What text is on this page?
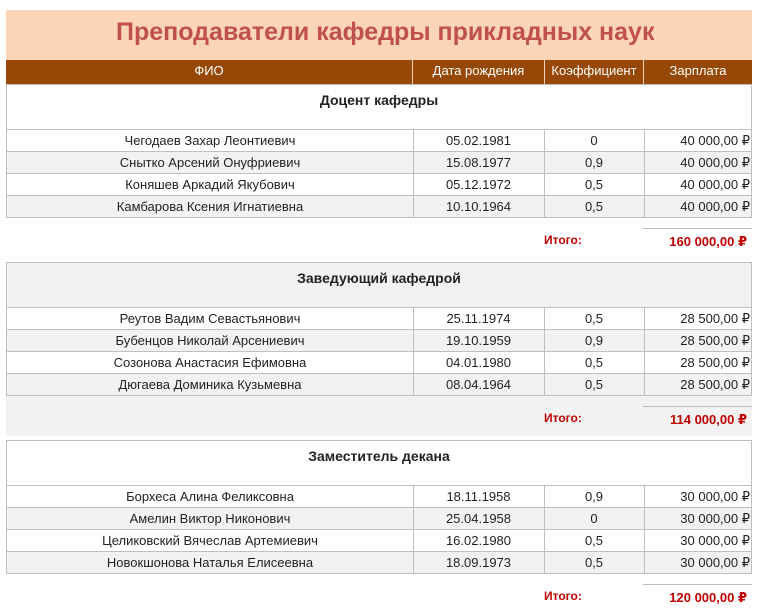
Преподаватели кафедры прикладных наук
ФИО	Дата рождения	Коэффициент	Зарплата
Доцент кафедры
Чегодаев Захар Леонтиевич	05.02.1981	0	40 000,00 ₽
Снытко Арсений Онуфриевич	15.08.1977	0,9	40 000,00 ₽
Коняшев Аркадий Якубович	05.12.1972	0,5	40 000,00 ₽
Камбарова Ксения Игнатиевна	10.10.1964	0,5	40 000,00 ₽
Итого:	160 000,00 ₽
Заведующий кафедрой
Реутов Вадим Севастьянович	25.11.1974	0,5	28 500,00 ₽
Бубенцов Николай Арсениевич	19.10.1959	0,9	28 500,00 ₽
Созонова Анастасия Ефимовна	04.01.1980	0,5	28 500,00 ₽
Дюгаева Доминика Кузьмевна	08.04.1964	0,5	28 500,00 ₽
Итого:	114 000,00 ₽
Заместитель декана
Борхеса Алина Феликсовна	18.11.1958	0,9	30 000,00 ₽
Амелин Виктор Никонович	25.04.1958	0	30 000,00 ₽
Целиковский Вячеслав Артемиевич	16.02.1980	0,5	30 000,00 ₽
Новокшонова Наталья Елисеевна	18.09.1973	0,5	30 000,00 ₽
Итого:	120 000,00 ₽
